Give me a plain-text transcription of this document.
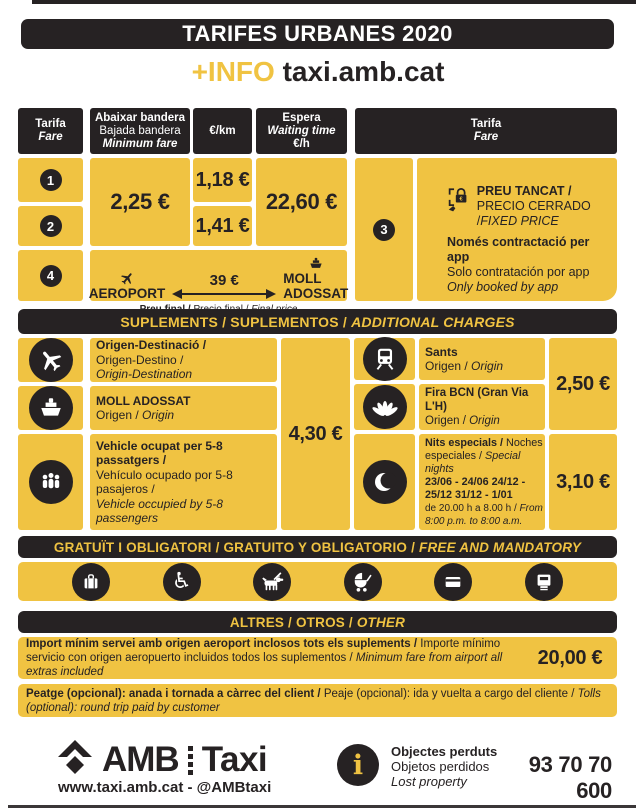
TARIFES URBANES 2020
+INFO taxi.amb.cat
Tarifa
Fare
Abaixar bandera
Bajada bandera
Minimum fare
€/km
Espera
Waiting time
€/h
Tarifa
Fare
1
2
4
2,25 €
1,18 €
1,41 €
22,60 €
AEROPORT
39 €	MOLL ADOSSAT
3
€
PREU TANCAT / PRECIO CERRADO /FIXED PRICE
Només contractació per app
Solo contratación por app
Only booked by app
SUPLEMENTS / SUPLEMENTOS / ADDITIONAL CHARGES
Origen-Destinació /
Origen-Destino /
Origin-Destination
MOLL ADOSSAT
Origen / Origin
Vehicle ocupat per 5-8 passatgers /
Vehículo ocupado por 5-8 pasajeros /
Vehicle occupied by 5-8 passengers
4,30 €
Sants
Origen / Origin
Fira BCN (Gran Via L'H)
Origen / Origin
2,50 €
Nits especials / Noches especiales / Special nights
23/06 - 24/06 24/12 - 25/12 31/12 - 1/01
de 20.00 h a 8.00 h / From 8:00 p.m. to 8:00 a.m.
3,10 €
GRATUÏT I OBLIGATORI / GRATUITO Y OBLIGATORIO / FREE AND MANDATORY
♿
ALTRES / OTROS / OTHER
Import mínim servei amb origen aeroport inclosos tots els suplements / Importe mínimo servicio con origen aeropuerto incluidos todos los suplementos / Minimum fare from airport all extras included
20,00 €
Peatge (opcional): anada i tornada a càrrec del client / Peaje (opcional): ida y vuelta a cargo del cliente / Tolls (optional): round trip paid by customer
AMB Taxi
www.taxi.amb.cat - @AMBtaxi
i Objectes perduts
Objetos perdidos
Lost property
93 70 70 600
